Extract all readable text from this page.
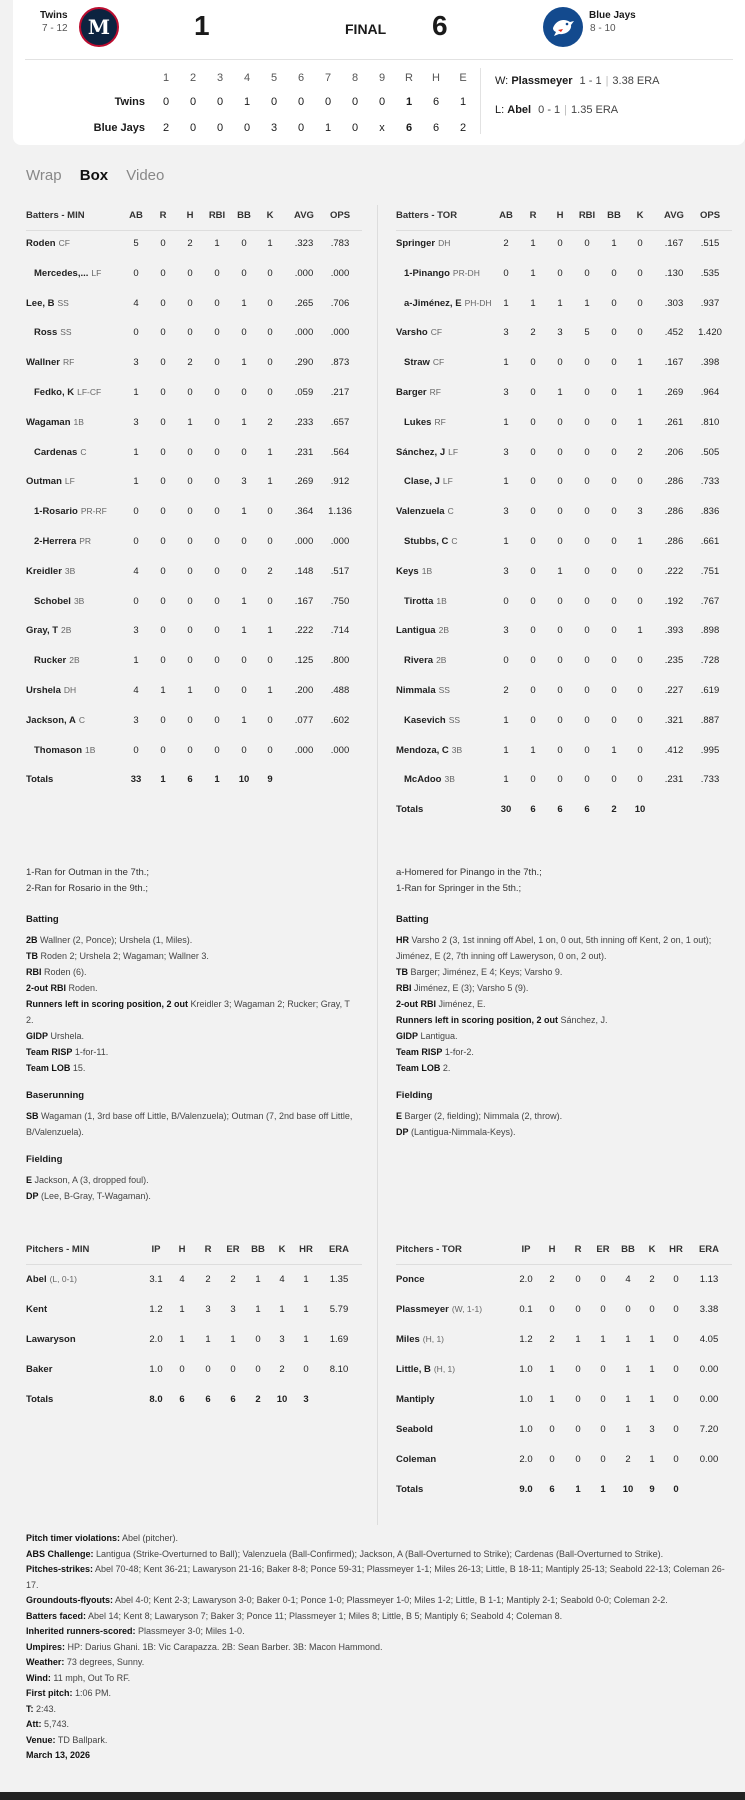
Twins
7 - 12 M	1	FINAL 6	Blue Jays
8 - 10
1	2	3	4	5	6	7	8	9	R	H	E
Twins	0	0	0	1	0	0	0	0	0	1	6	1
Blue Jays	2	0	0	0	3	0	1	0	x	6	6	2
W: Plassmeyer 1 - 1 | 3.38 ERA
L: Abel 0 - 1 | 1.35 ERA
Wrap Box Video
Batters - MIN	AB	R	H	RBI	BB	K	AVG	OPS
Roden CF	5	0	2	1	0	1	.323	.783
Mercedes,... LF	0	0	0	0	0	0	.000	.000
Lee, B SS	4	0	0	0	1	0	.265	.706
Ross SS	0	0	0	0	0	0	.000	.000
Wallner RF	3	0	2	0	1	0	.290	.873
Fedko, K LF-CF	1	0	0	0	0	0	.059	.217
Wagaman 1B	3	0	1	0	1	2	.233	.657
Cardenas C	1	0	0	0	0	1	.231	.564
Outman LF	1	0	0	0	3	1	.269	.912
1-Rosario PR-RF	0	0	0	0	1	0	.364	1.136
2-Herrera PR	0	0	0	0	0	0	.000	.000
Kreidler 3B	4	0	0	0	0	2	.148	.517
Schobel 3B	0	0	0	0	1	0	.167	.750
Gray, T 2B	3	0	0	0	1	1	.222	.714
Rucker 2B	1	0	0	0	0	0	.125	.800
Urshela DH	4	1	1	0	0	1	.200	.488
Jackson, A C	3	0	0	0	1	0	.077	.602
Thomason 1B	0	0	0	0	0	0	.000	.000
Totals	33	1	6	1	10	9
Batters - TOR	AB	R	H	RBI	BB	K	AVG	OPS
Springer DH	2	1	0	0	1	0	.167	.515
1-Pinango PR-DH	0	1	0	0	0	0	.130	.535
a-Jiménez, E PH-DH	1	1	1	1	0	0	.303	.937
Varsho CF	3	2	3	5	0	0	.452	1.420
Straw CF	1	0	0	0	0	1	.167	.398
Barger RF	3	0	1	0	0	1	.269	.964
Lukes RF	1	0	0	0	0	1	.261	.810
Sánchez, J LF	3	0	0	0	0	2	.206	.505
Clase, J LF	1	0	0	0	0	0	.286	.733
Valenzuela C	3	0	0	0	0	3	.286	.836
Stubbs, C C	1	0	0	0	0	1	.286	.661
Keys 1B	3	0	1	0	0	0	.222	.751
Tirotta 1B	0	0	0	0	0	0	.192	.767
Lantigua 2B	3	0	0	0	0	1	.393	.898
Rivera 2B	0	0	0	0	0	0	.235	.728
Nimmala SS	2	0	0	0	0	0	.227	.619
Kasevich SS	1	0	0	0	0	0	.321	.887
Mendoza, C 3B	1	1	0	0	1	0	.412	.995
McAdoo 3B	1	0	0	0	0	0	.231	.733
Totals	30	6	6	6	2	10
1-Ran for Outman in the 7th.;
2-Ran for Rosario in the 9th.;
a-Homered for Pinango in the 7th.;
1-Ran for Springer in the 5th.;
Batting
2B Wallner (2, Ponce); Urshela (1, Miles).
TB Roden 2; Urshela 2; Wagaman; Wallner 3.
RBI Roden (6).
2-out RBI Roden.
Runners left in scoring position, 2 out Kreidler 3; Wagaman 2; Rucker; Gray, T 2.
GIDP Urshela.
Team RISP 1-for-11.
Team LOB 15.
Baserunning
SB Wagaman (1, 3rd base off Little, B/Valenzuela); Outman (7, 2nd base off Little, B/Valenzuela).
Fielding
E Jackson, A (3, dropped foul).
DP (Lee, B-Gray, T-Wagaman).
Batting
HR Varsho 2 (3, 1st inning off Abel, 1 on, 0 out, 5th inning off Kent, 2 on, 1 out); Jiménez, E (2, 7th inning off Laweryson, 0 on, 2 out).
TB Barger; Jiménez, E 4; Keys; Varsho 9.
RBI Jiménez, E (3); Varsho 5 (9).
2-out RBI Jiménez, E.
Runners left in scoring position, 2 out Sánchez, J.
GIDP Lantigua.
Team RISP 1-for-2.
Team LOB 2.
Fielding
E Barger (2, fielding); Nimmala (2, throw).
DP (Lantigua-Nimmala-Keys).
Pitchers - MIN	IP	H	R	ER	BB	K	HR	ERA
Abel (L, 0-1)	3.1	4	2	2	1	4	1	1.35
Kent	1.2	1	3	3	1	1	1	5.79
Lawaryson	2.0	1	1	1	0	3	1	1.69
Baker	1.0	0	0	0	0	2	0	8.10
Totals	8.0	6	6	6	2	10	3
Pitchers - TOR	IP	H	R	ER	BB	K	HR	ERA
Ponce	2.0	2	0	0	4	2	0	1.13
Plassmeyer (W, 1-1)	0.1	0	0	0	0	0	0	3.38
Miles (H, 1)	1.2	2	1	1	1	1	0	4.05
Little, B (H, 1)	1.0	1	0	0	1	1	0	0.00
Mantiply	1.0	1	0	0	1	1	0	0.00
Seabold	1.0	0	0	0	1	3	0	7.20
Coleman	2.0	0	0	0	2	1	0	0.00
Totals	9.0	6	1	1	10	9	0
Pitch timer violations: Abel (pitcher).
ABS Challenge: Lantigua (Strike-Overturned to Ball); Valenzuela (Ball-Confirmed); Jackson, A (Ball-Overturned to Strike); Cardenas (Ball-Overturned to Strike).
Pitches-strikes: Abel 70-48; Kent 36-21; Lawaryson 21-16; Baker 8-8; Ponce 59-31; Plassmeyer 1-1; Miles 26-13; Little, B 18-11; Mantiply 25-13; Seabold 22-13; Coleman 26-17.
Groundouts-flyouts: Abel 4-0; Kent 2-3; Lawaryson 3-0; Baker 0-1; Ponce 1-0; Plassmeyer 1-0; Miles 1-2; Little, B 1-1; Mantiply 2-1; Seabold 0-0; Coleman 2-2.
Batters faced: Abel 14; Kent 8; Lawaryson 7; Baker 3; Ponce 11; Plassmeyer 1; Miles 8; Little, B 5; Mantiply 6; Seabold 4; Coleman 8.
Inherited runners-scored: Plassmeyer 3-0; Miles 1-0.
Umpires: HP: Darius Ghani. 1B: Vic Carapazza. 2B: Sean Barber. 3B: Macon Hammond.
Weather: 73 degrees, Sunny.
Wind: 11 mph, Out To RF.
First pitch: 1:06 PM.
T: 2:43.
Att: 5,743.
Venue: TD Ballpark.
March 13, 2026
